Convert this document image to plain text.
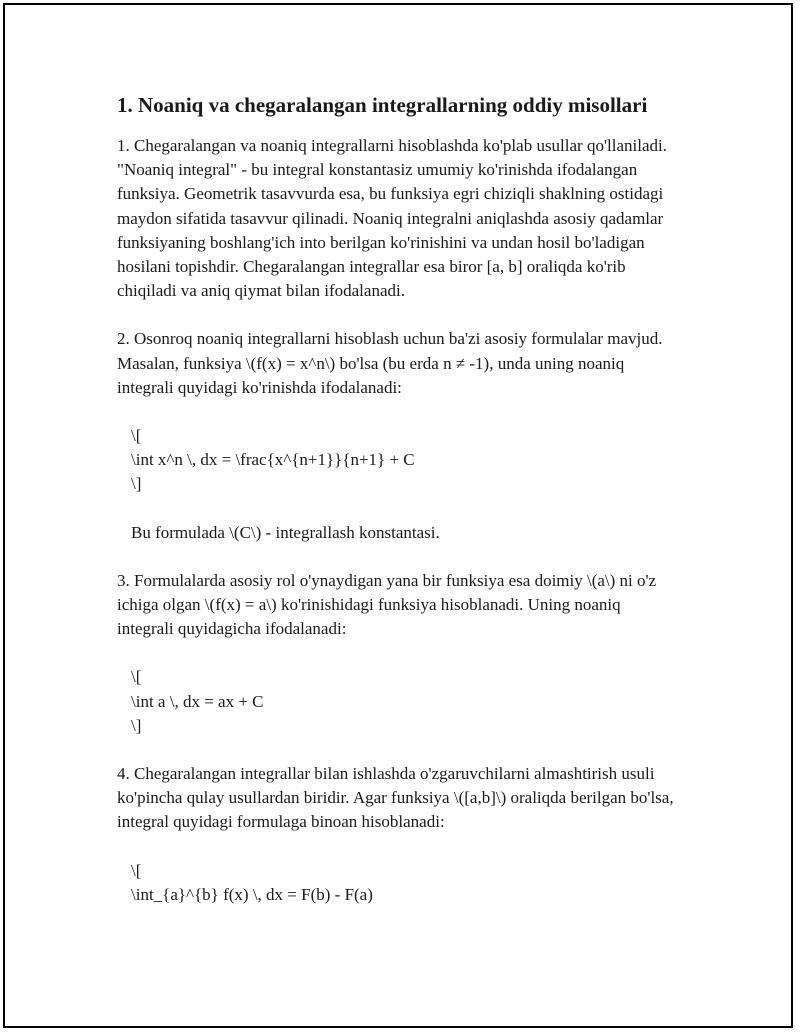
1. Noaniq va chegaralangan integrallarning oddiy misollari

1. Chegaralangan va noaniq integrallarni hisoblashda ko'plab usullar qo'llaniladi. "Noaniq integral" - bu integral konstantasiz umumiy ko'rinishda ifodalangan funksiya. Geometrik tasavvurda esa, bu funksiya egri chiziqli shaklning ostidagi maydon sifatida tasavvur qilinadi. Noaniq integralni aniqlashda asosiy qadamlar funksiyaning boshlang'ich into berilgan ko'rinishini va undan hosil bo'ladigan hosilani topishdir. Chegaralangan integrallar esa biror [a, b] oraliqda ko'rib chiqiladi va aniq qiymat bilan ifodalanadi.

2. Osonroq noaniq integrallarni hisoblash uchun ba'zi asosiy formulalar mavjud. Masalan, funksiya \(f(x) = x^n\) bo'lsa (bu erda n ≠ -1), unda uning noaniq integrali quyidagi ko'rinishda ifodalanadi:

\[
\int x^n \, dx = \frac{x^{n+1}}{n+1} + C
\]
Bu formulada \(C\) - integrallash konstantasi.

3. Formulalarda asosiy rol o'ynaydigan yana bir funksiya esa doimiy \(a\) ni o'z ichiga olgan \(f(x) = a\) ko'rinishidagi funksiya hisoblanadi. Uning noaniq integrali quyidagicha ifodalanadi:

\[
\int a \, dx = ax + C
\]

4. Chegaralangan integrallar bilan ishlashda o'zgaruvchilarni almashtirish usuli ko'pincha qulay usullardan biridir. Agar funksiya \([a,b]\) oraliqda berilgan bo'lsa, integral quyidagi formulaga binoan hisoblanadi:

\[
\int_{a}^{b} f(x) \, dx = F(b) - F(a)
